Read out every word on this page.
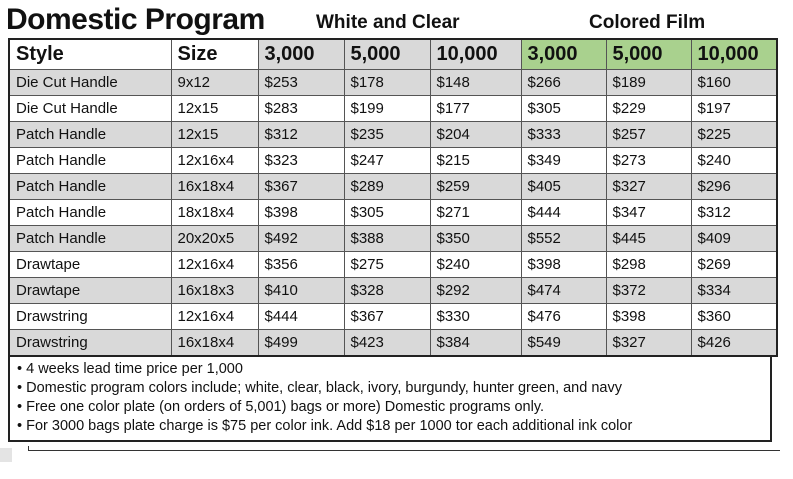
Domestic Program	White and Clear	Colored Film
Style	Size	3,000	5,000	10,000	3,000	5,000	10,000
Die Cut Handle	9x12	$253	$178	$148	$266	$189	$160
Die Cut Handle	12x15	$283	$199	$177	$305	$229	$197
Patch Handle	12x15	$312	$235	$204	$333	$257	$225
Patch Handle	12x16x4	$323	$247	$215	$349	$273	$240
Patch Handle	16x18x4	$367	$289	$259	$405	$327	$296
Patch Handle	18x18x4	$398	$305	$271	$444	$347	$312
Patch Handle	20x20x5	$492	$388	$350	$552	$445	$409
Drawtape	12x16x4	$356	$275	$240	$398	$298	$269
Drawtape	16x18x3	$410	$328	$292	$474	$372	$334
Drawstring	12x16x4	$444	$367	$330	$476	$398	$360
Drawstring	16x18x4	$499	$423	$384	$549	$327	$426
• 4 weeks lead time price per 1,000
• Domestic program colors include; white, clear, black, ivory, burgundy, hunter green, and navy
• Free one color plate (on orders of 5,001) bags or more) Domestic programs only.
• For 3000 bags plate charge is $75 per color ink. Add $18 per 1000 tor each additional ink color
